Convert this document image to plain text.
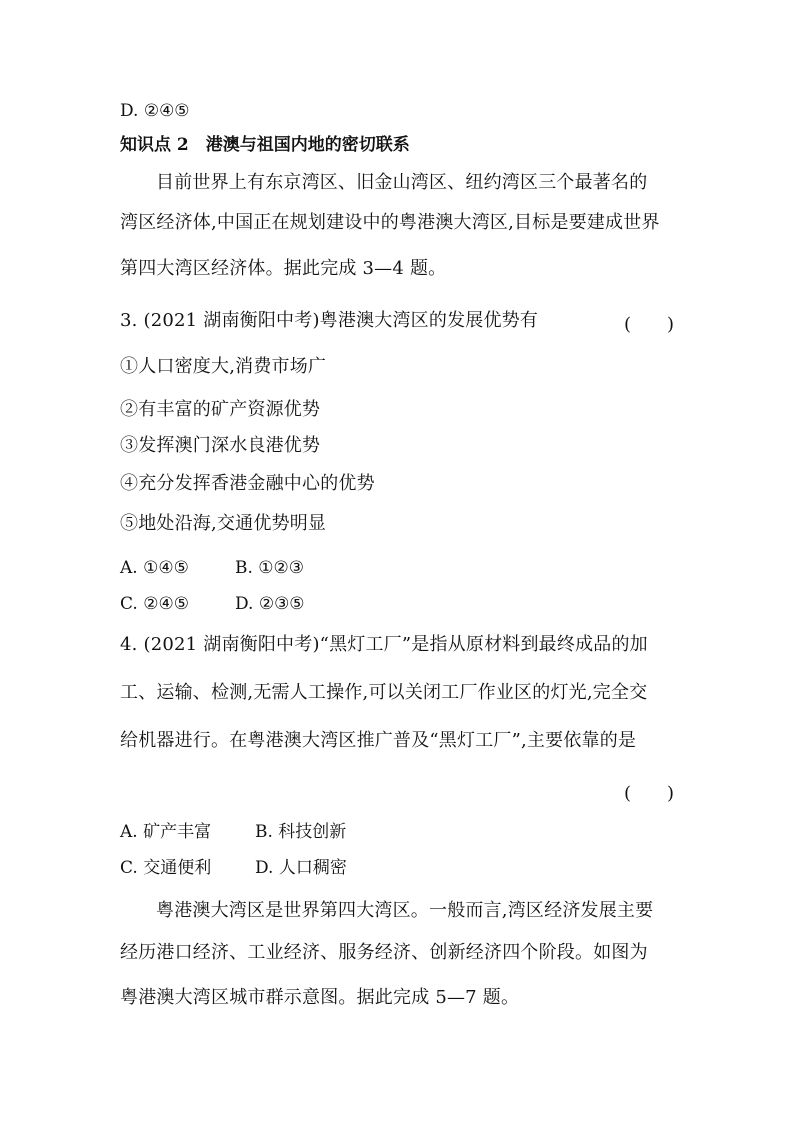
D. ②④⑤
知识点 2　港澳与祖国内地的密切联系
目前世界上有东京湾区、旧金山湾区、纽约湾区三个最著名的
湾区经济体,中国正在规划建设中的粤港澳大湾区,目标是要建成世界
第四大湾区经济体。据此完成 3—4 题。
3. (2021 湖南衡阳中考)粤港澳大湾区的发展优势有	(　　)
①人口密度大,消费市场广
②有丰富的矿产资源优势
③发挥澳门深水良港优势
④充分发挥香港金融中心的优势
⑤地处沿海,交通优势明显
A. ①④⑤	B. ①②③
C. ②④⑤	D. ②③⑤
4. (2021 湖南衡阳中考)“黑灯工厂”是指从原材料到最终成品的加
工、运输、检测,无需人工操作,可以关闭工厂作业区的灯光,完全交
给机器进行。在粤港澳大湾区推广普及“黑灯工厂”,主要依靠的是
(　　)
A. 矿产丰富	B. 科技创新
C. 交通便利	D. 人口稠密
粤港澳大湾区是世界第四大湾区。一般而言,湾区经济发展主要
经历港口经济、工业经济、服务经济、创新经济四个阶段。如图为
粤港澳大湾区城市群示意图。据此完成 5—7 题。
